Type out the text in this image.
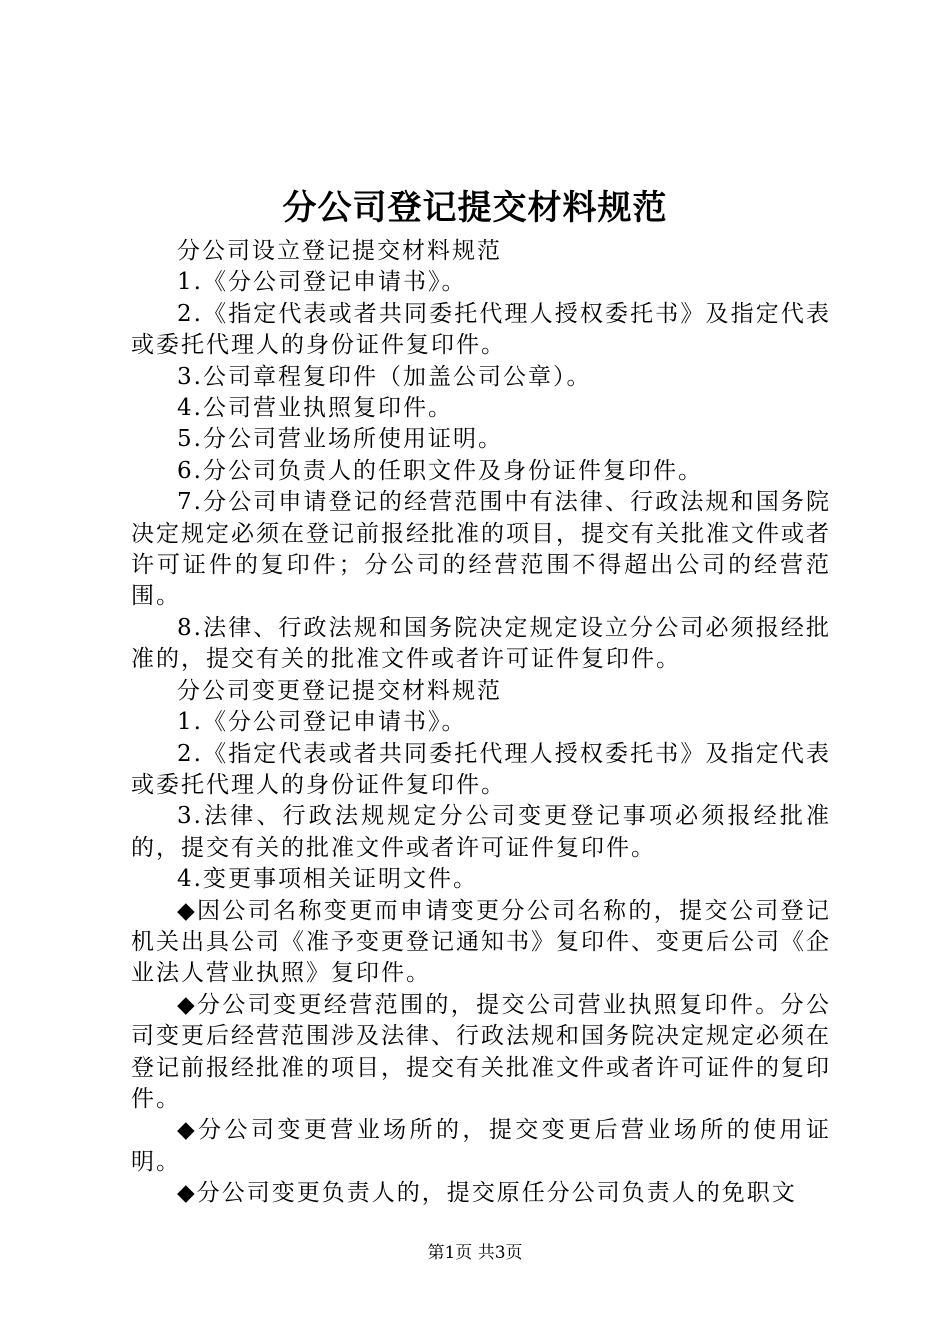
分公司登记提交材料规范

分公司设立登记提交材料规范

1.《分公司登记申请书》。

2.《指定代表或者共同委托代理人授权委托书》及指定代表或委托代理人的身份证件复印件。

3.公司章程复印件（加盖公司公章）。

4.公司营业执照复印件。

5.分公司营业场所使用证明。

6.分公司负责人的任职文件及身份证件复印件。

7.分公司申请登记的经营范围中有法律、行政法规和国务院决定规定必须在登记前报经批准的项目，提交有关批准文件或者许可证件的复印件；分公司的经营范围不得超出公司的经营范围。

8.法律、行政法规和国务院决定规定设立分公司必须报经批准的，提交有关的批准文件或者许可证件复印件。

分公司变更登记提交材料规范

1.《分公司登记申请书》。

2.《指定代表或者共同委托代理人授权委托书》及指定代表或委托代理人的身份证件复印件。

3.法律、行政法规规定分公司变更登记事项必须报经批准的，提交有关的批准文件或者许可证件复印件。

4.变更事项相关证明文件。

◆因公司名称变更而申请变更分公司名称的，提交公司登记机关出具公司《准予变更登记通知书》复印件、变更后公司《企业法人营业执照》复印件。

◆分公司变更经营范围的，提交公司营业执照复印件。分公司变更后经营范围涉及法律、行政法规和国务院决定规定必须在登记前报经批准的项目，提交有关批准文件或者许可证件的复印件。

◆分公司变更营业场所的，提交变更后营业场所的使用证明。

◆分公司变更负责人的，提交原任分公司负责人的免职文

第1页 共3页
